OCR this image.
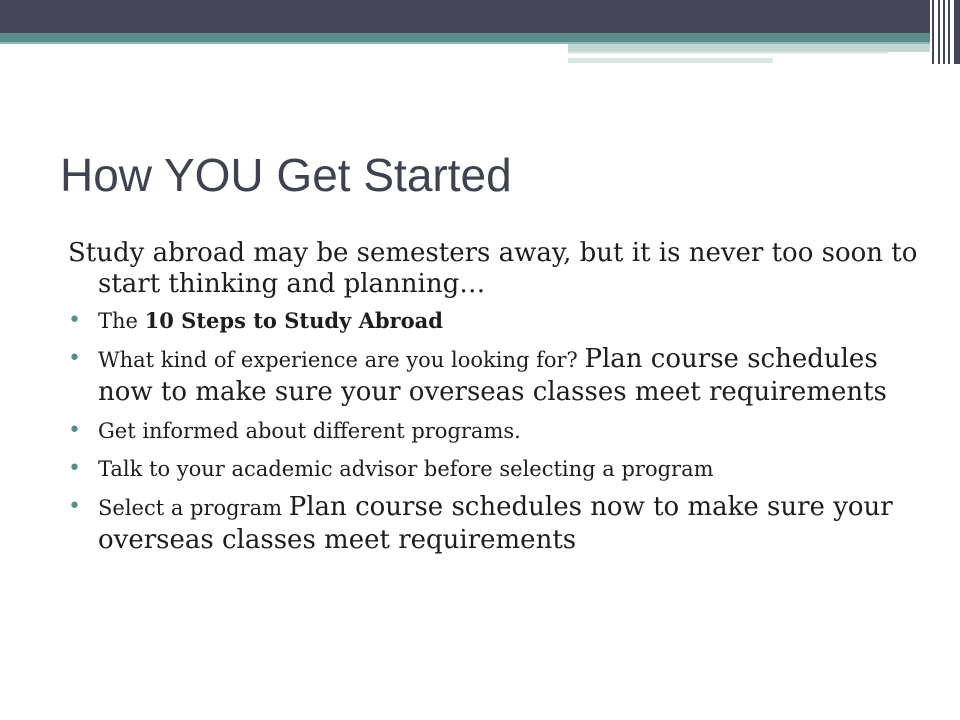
How YOU Get Started

Study abroad may be semesters away, but it is never too soon to start thinking and planning…

• The 10 Steps to Study Abroad
• What kind of experience are you looking for? Plan course schedules now to make sure your overseas classes meet requirements
• Get informed about different programs.
• Talk to your academic advisor before selecting a program
• Select a program Plan course schedules now to make sure your overseas classes meet requirements
